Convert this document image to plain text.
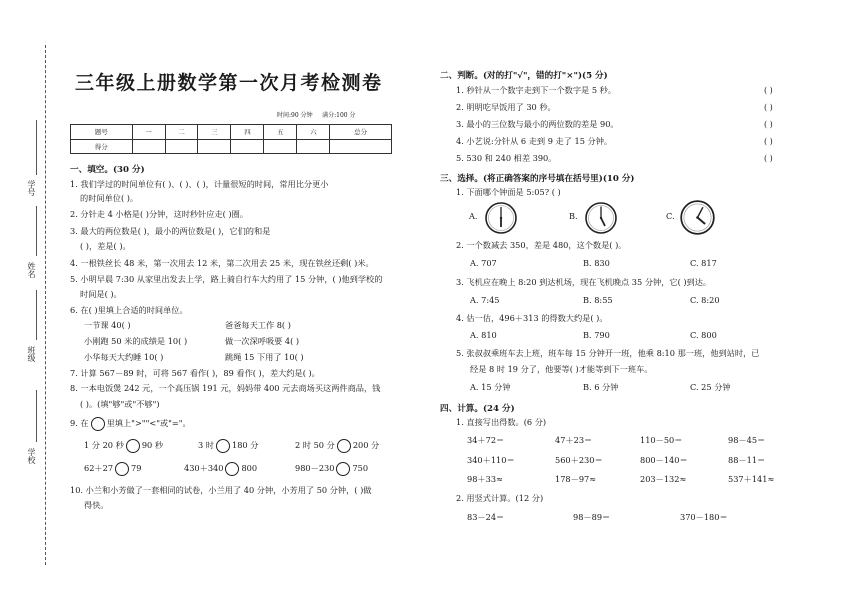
学号
姓名
班级
学校
三年级上册数学第一次月考检测卷
时间:90 分钟 满分:100 分
题号	一	二	三	四	五	六	总分
得分							
一、填空。(30 分)
1. 我们学过的时间单位有( )、( )、( )，计量很短的时间，常用比分更小
的时间单位( )。
2. 分针走 4 小格是( )分钟，这时秒针应走( )圈。
3. 最大的两位数是( )，最小的两位数是( )，它们的和是
( )，差是( )。
4. 一根铁丝长 48 米，第一次用去 12 米，第二次用去 25 米，现在铁丝还剩( )米。
5. 小明早晨 7:30 从家里出发去上学，路上骑自行车大约用了 15 分钟，( )他到学校的
时间是( )。
6. 在( )里填上合适的时间单位。
一节课 40( )	爸爸每天工作 8( )
小刚跑 50 米的成绩是 10( )	做一次深呼吸要 4( )
小华每天大约睡 10( )	跳绳 15 下用了 10( )
7. 计算 567－89 时，可将 567 看作( )，89 看作( )，差大约是( )。
8. 一本电饭煲 242 元，一个高压锅 191 元，妈妈带 400 元去商场买这两件商品，钱
( )。(填"够"或"不够")
9. 在 里填上">""<"或"="。
1 分 20 秒 90 秒	3 时 180 分	2 时 50 分 200 分
62＋27 79	430＋340 800	980－230 750
10. 小兰和小芳做了一套相同的试卷，小兰用了 40 分钟，小芳用了 50 分钟，( )做
得快。
二、判断。(对的打"√"，错的打"×")(5 分)
1. 秒针从一个数字走到下一个数字是 5 秒。	( )
2. 明明吃早饭用了 30 秒。	( )
3. 最小的三位数与最小的两位数的差是 90。	( )
4. 小艺说:分针从 6 走到 9 走了 15 分钟。	( )
5. 530 和 240 相差 390。	( )
三、选择。(将正确答案的序号填在括号里)(10 分)
1. 下面哪个钟面是 5:05? ( )
A.	B.	C.
2. 一个数减去 350，差是 480，这个数是( )。
A. 707	B. 830	C. 817
3. 飞机应在晚上 8:20 到达机场，现在飞机晚点 35 分钟，它( )到达。
A. 7:45	B. 8:55	C. 8:20
4. 估一估，496＋313 的得数大约是( )。
A. 810	B. 790	C. 800
5. 张叔叔乘班车去上班，班车每 15 分钟开一班，他乘 8:10 那一班，他到站时，已
经是 8 时 19 分了，他要等( )才能等到下一班车。
A. 15 分钟	B. 6 分钟	C. 25 分钟
四、计算。(24 分)
1. 直接写出得数。(6 分)
34＋72＝	47＋23＝	110－50＝	98－45＝
340＋110＝	560＋230＝	800－140＝	88－11＝
98＋33≈	178－97≈	203－132≈	537＋141≈
2. 用竖式计算。(12 分)
83－24＝	98－89＝	370－180＝
